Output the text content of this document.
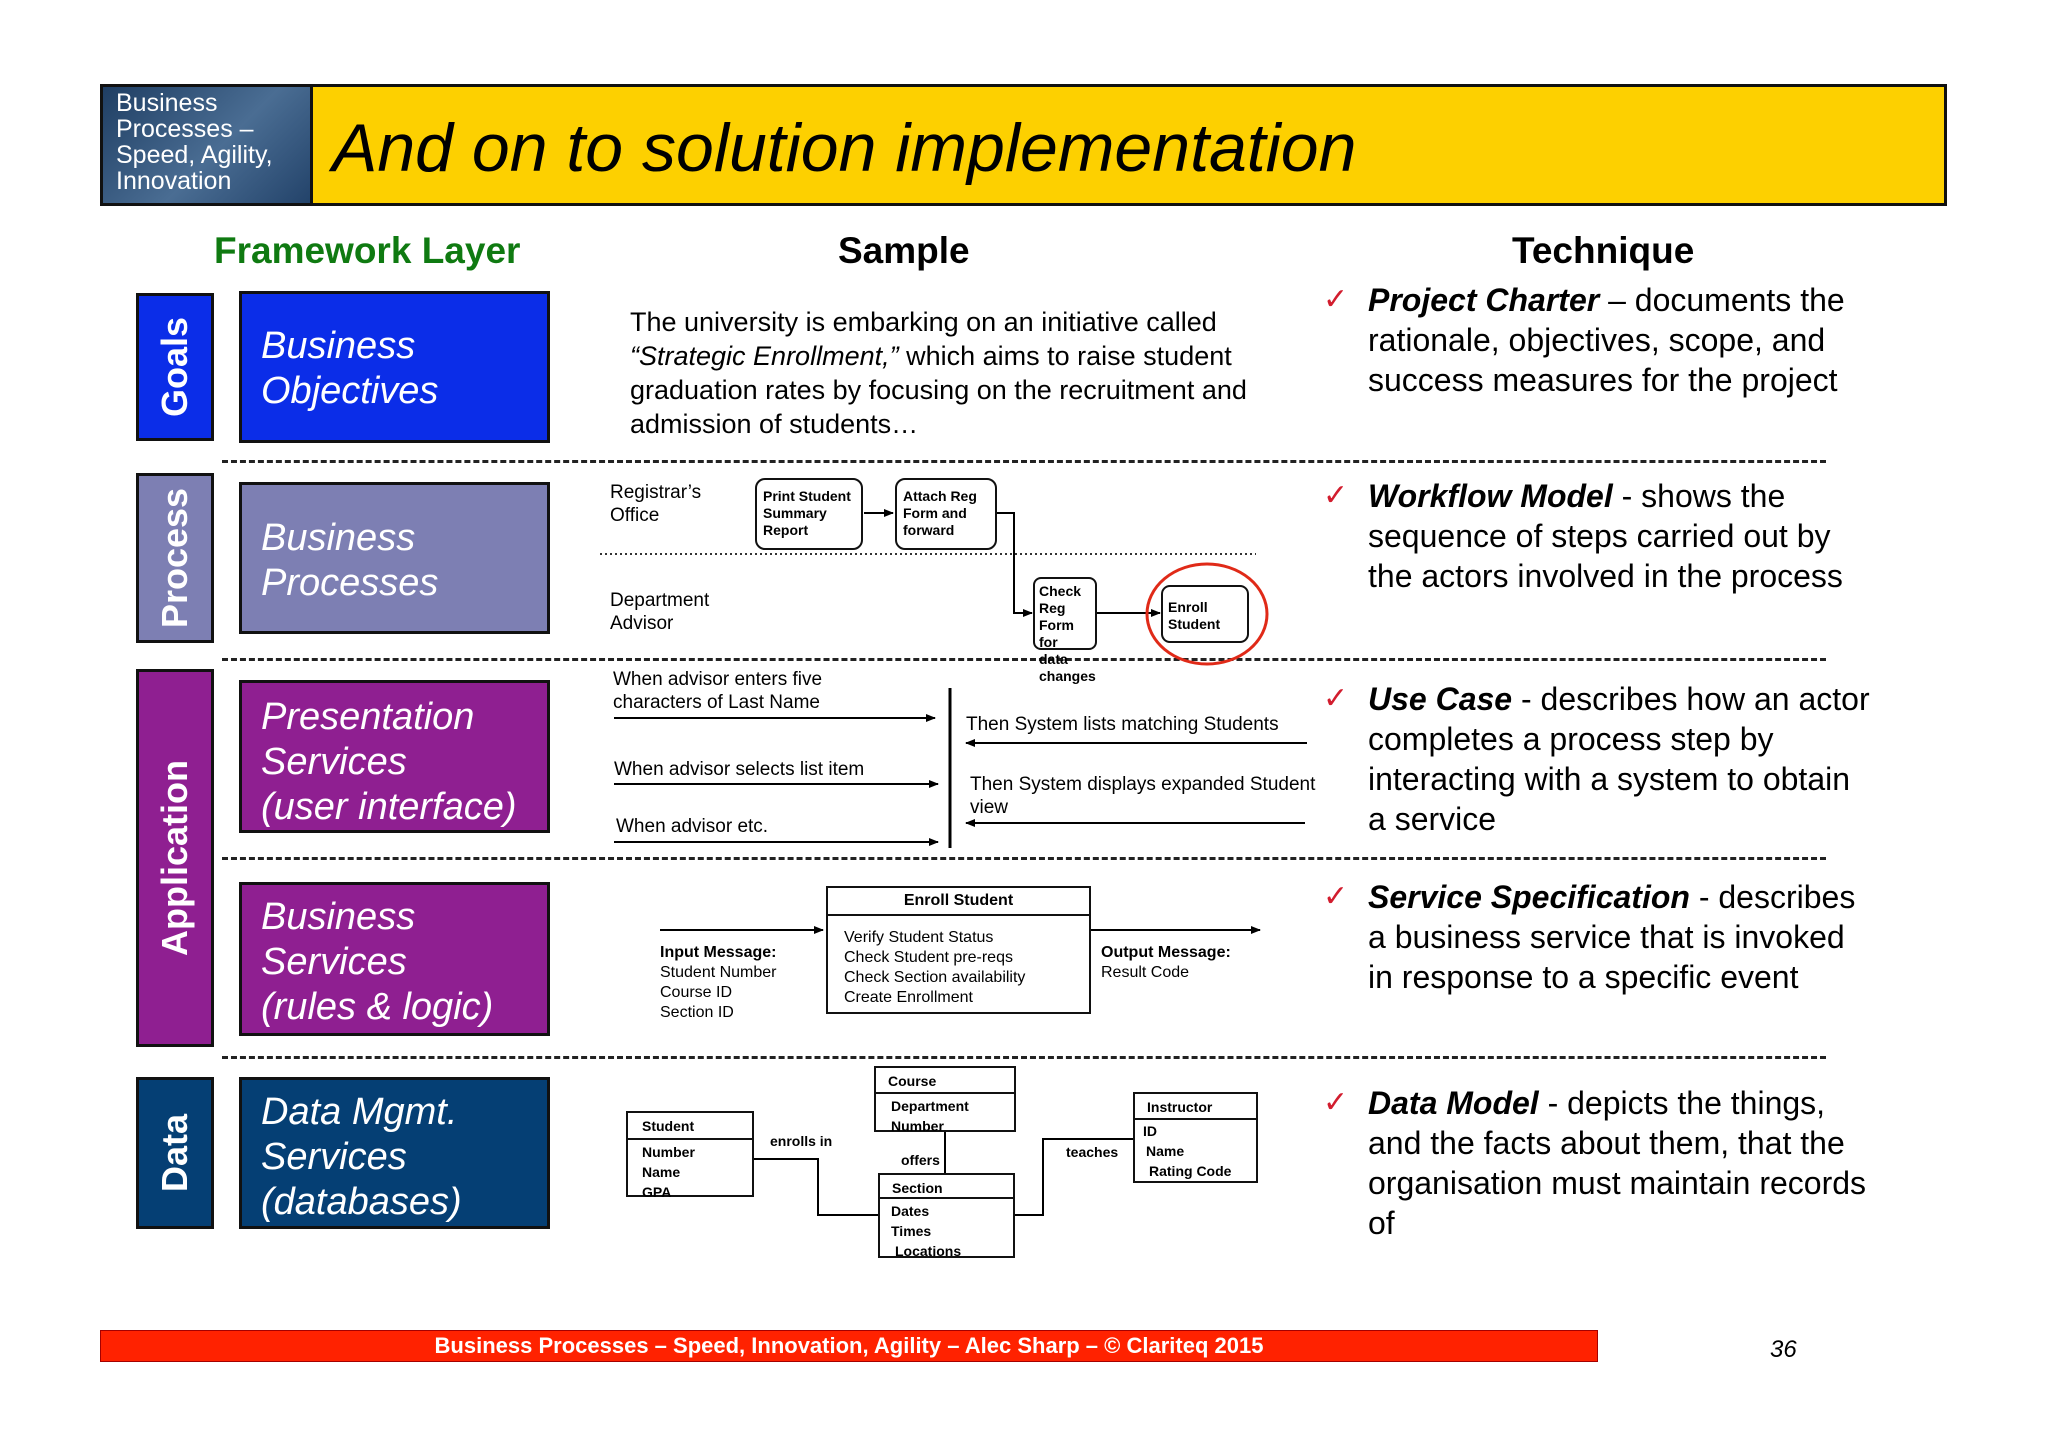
Business
Processes –
Speed, Agility,
Innovation	And on to solution implementation
Framework Layer	Sample	Technique
Goals
Process
Application
Data
Business
Objectives
Business
Processes
Presentation
Services
(user interface)
Business
Services
(rules & logic)
Data Mgmt.
Services
(databases)
The university is embarking on an initiative called
“Strategic Enrollment,” which aims to raise student
graduation rates by focusing on the recruitment and
admission of students…
Registrar’s
Office
Department
Advisor
Print Student
Summary
Report
Attach Reg
Form and
forward
Check Reg
Form for
data
changes
Enroll
Student
When advisor enters five
characters of Last Name
Then System lists matching Students
When advisor selects list item
Then System displays expanded Student
view
When advisor etc.
Enroll Student
Verify Student Status
Check Student pre-reqs
Check Section availability
Create Enrollment
Input Message:
Student Number
Course ID
Section ID
Output Message:
Result Code
Student
Number
Name
GPA
Course
Department
Number
Section
Dates
Times
Locations
Instructor
ID
Name
Rating Code
enrolls in
offers	teaches
✓ Project Charter – documents the
rationale, objectives, scope, and
success measures for the project
✓ Workflow Model - shows the
sequence of steps carried out by
the actors involved in the process
✓ Use Case - describes how an actor
completes a process step by
interacting with a system to obtain
a service
✓ Service Specification - describes
a business service that is invoked
in response to a specific event
✓ Data Model - depicts the things,
and the facts about them, that the
organisation must maintain records
of
Business Processes – Speed, Innovation, Agility – Alec Sharp – © Clariteq 2015	36
